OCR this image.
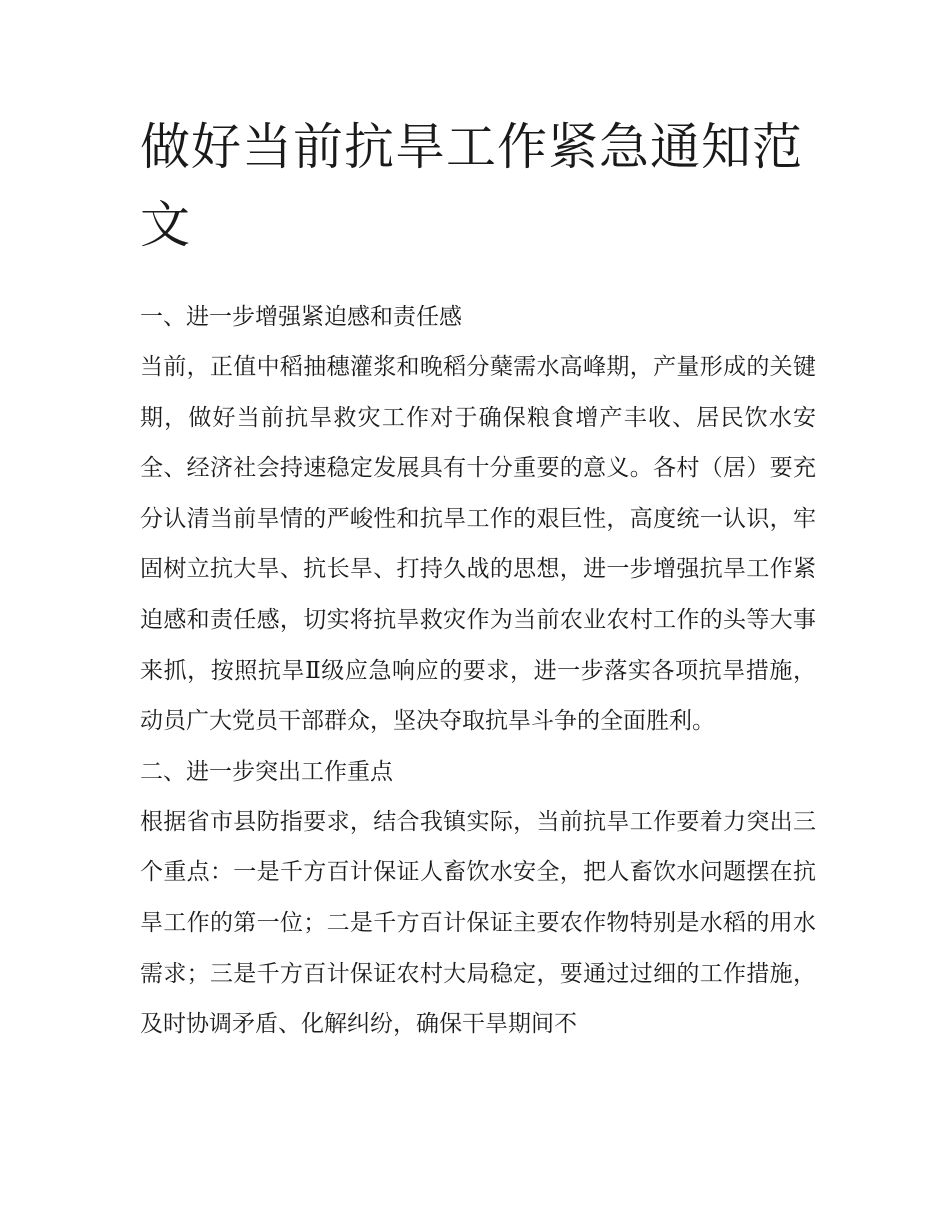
做好当前抗旱工作紧急通知范文
一、进一步增强紧迫感和责任感

当前，正值中稻抽穗灌浆和晚稻分蘖需水高峰期，产量形成的关键期，做好当前抗旱救灾工作对于确保粮食增产丰收、居民饮水安全、经济社会持速稳定发展具有十分重要的意义。各村（居）要充分认清当前旱情的严峻性和抗旱工作的艰巨性，高度统一认识，牢固树立抗大旱、抗长旱、打持久战的思想，进一步增强抗旱工作紧迫感和责任感，切实将抗旱救灾作为当前农业农村工作的头等大事来抓，按照抗旱Ⅱ级应急响应的要求，进一步落实各项抗旱措施，动员广大党员干部群众，坚决夺取抗旱斗争的全面胜利。

二、进一步突出工作重点

根据省市县防指要求，结合我镇实际，当前抗旱工作要着力突出三个重点：一是千方百计保证人畜饮水安全，把人畜饮水问题摆在抗旱工作的第一位；二是千方百计保证主要农作物特别是水稻的用水需求；三是千方百计保证农村大局稳定，要通过过细的工作措施，及时协调矛盾、化解纠纷，确保干旱期间不
